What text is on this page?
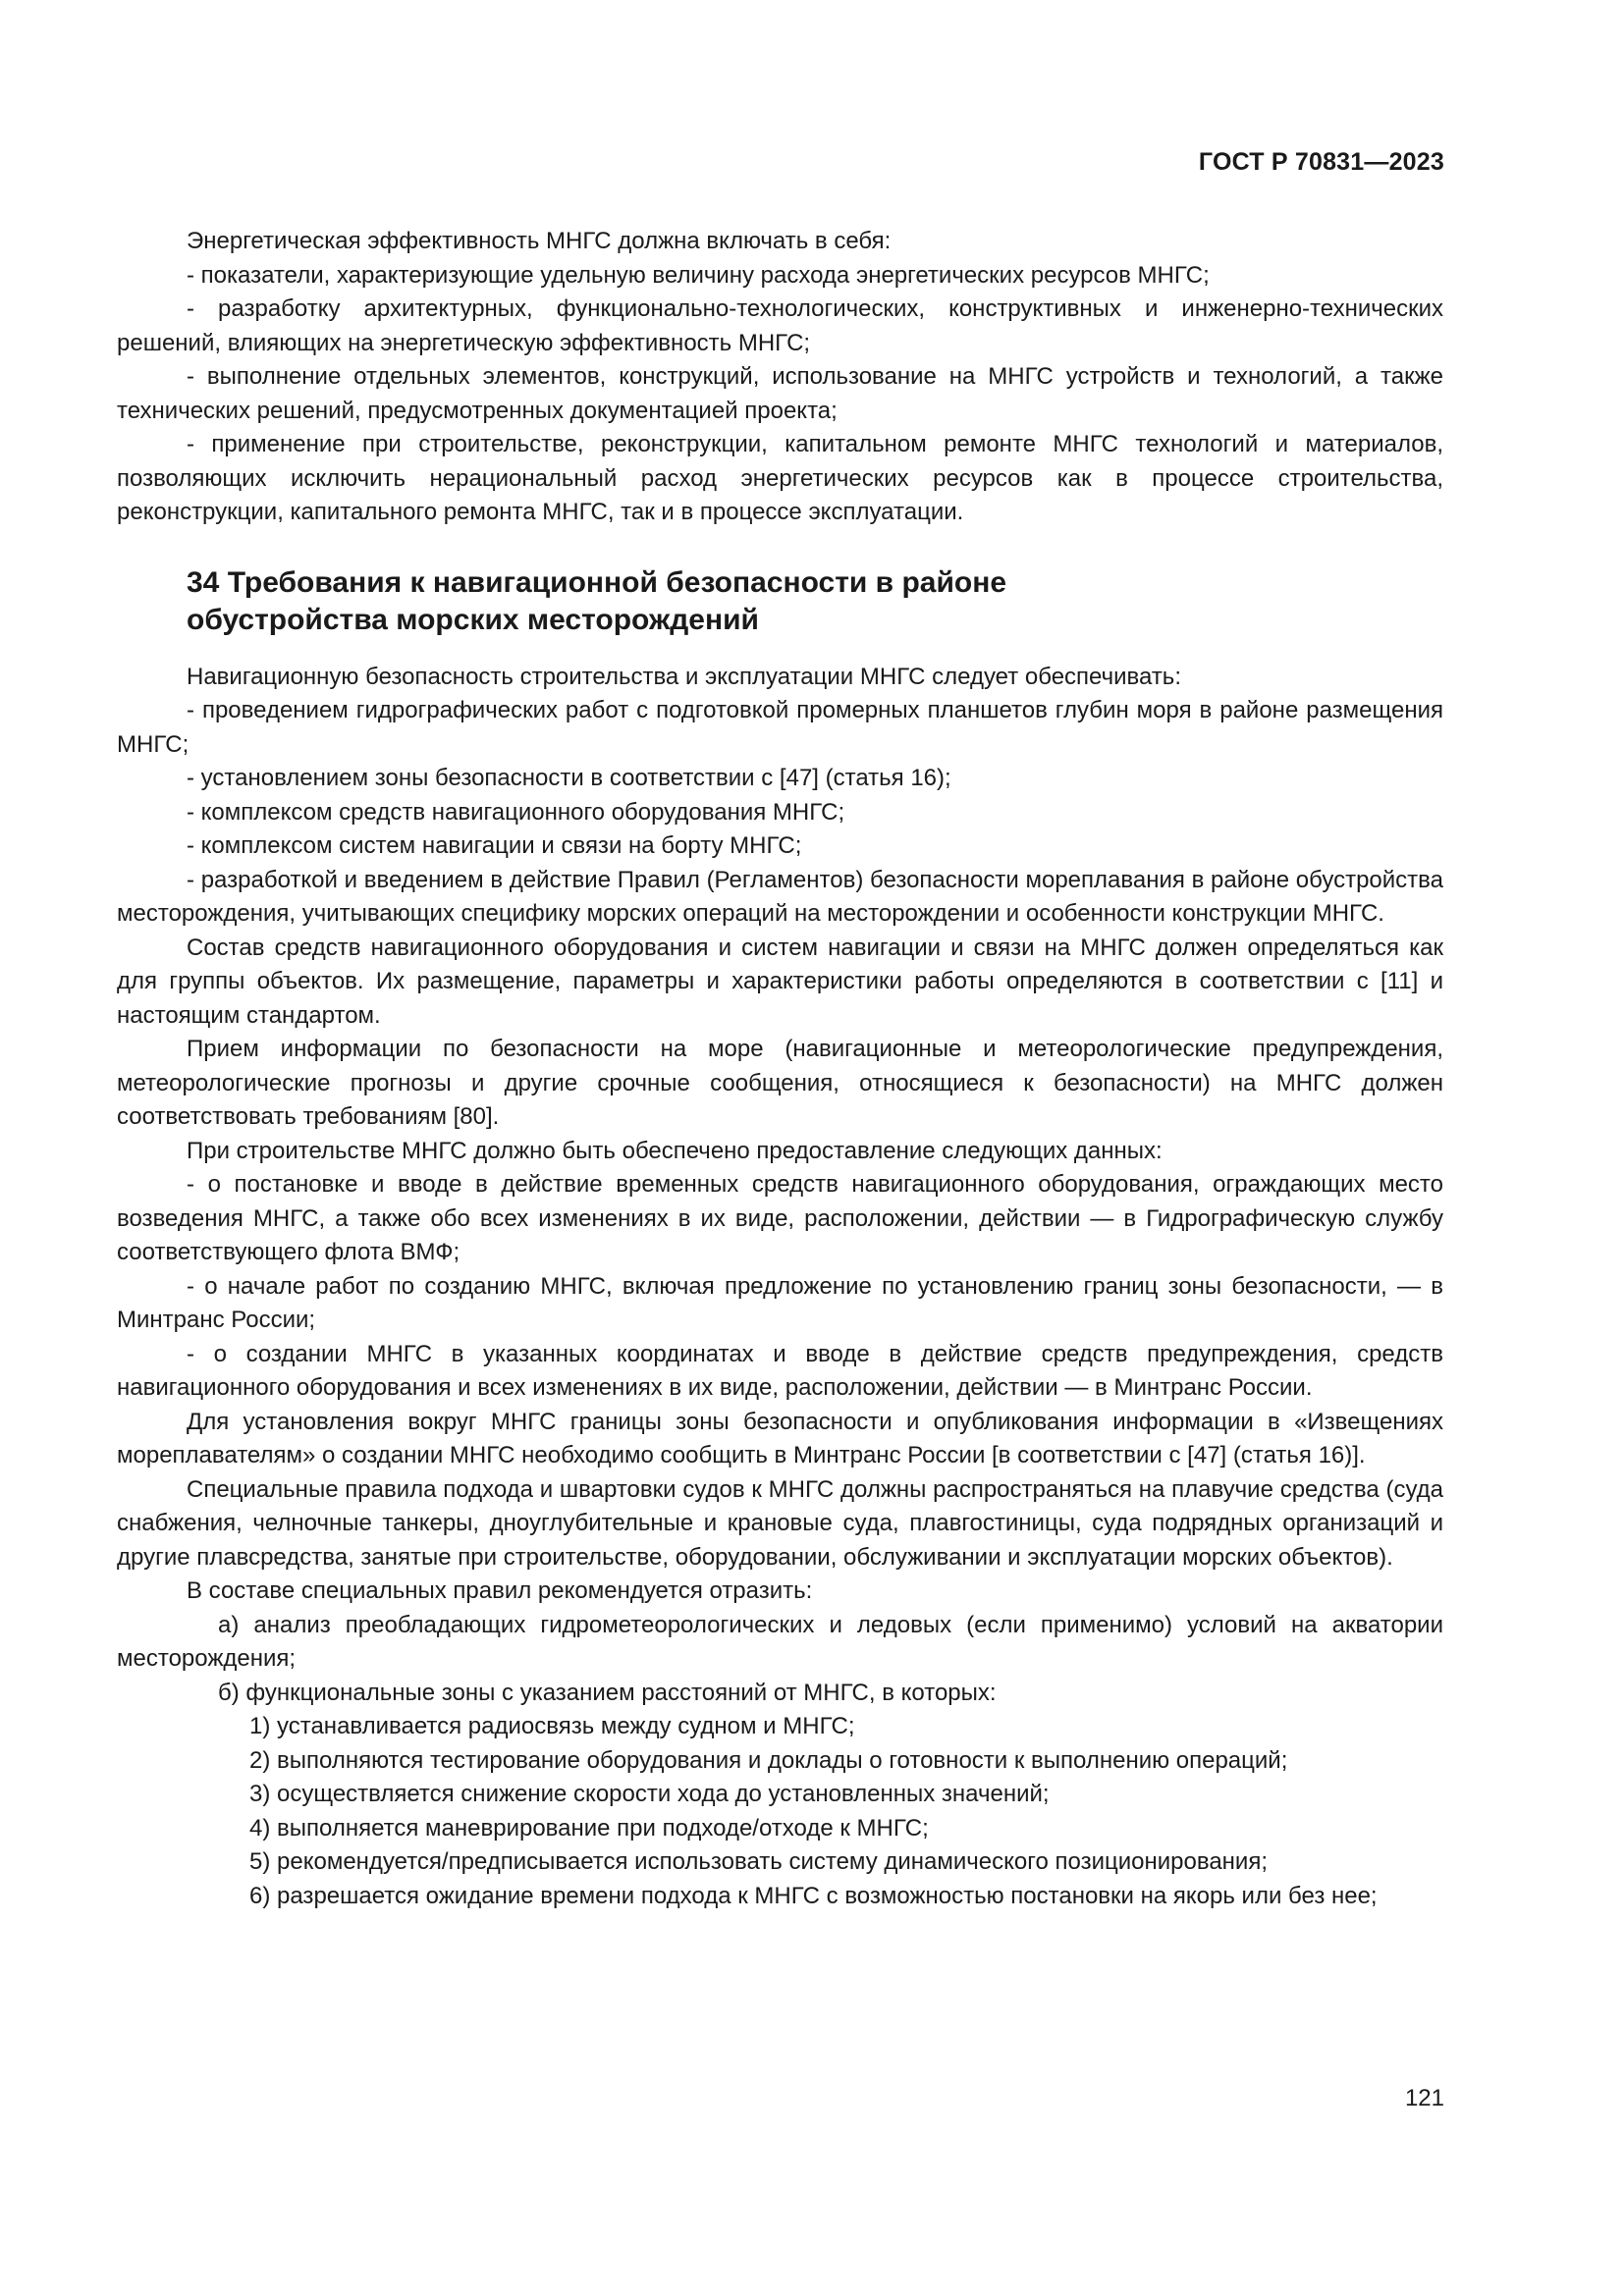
ГОСТ Р 70831—2023

Энергетическая эффективность МНГС должна включать в себя:

- показатели, характеризующие удельную величину расхода энергетических ресурсов МНГС;

- разработку архитектурных, функционально-технологических, конструктивных и инженерно-технических решений, влияющих на энергетическую эффективность МНГС;

- выполнение отдельных элементов, конструкций, использование на МНГС устройств и технологий, а также технических решений, предусмотренных документацией проекта;

- применение при строительстве, реконструкции, капитальном ремонте МНГС технологий и материалов, позволяющих исключить нерациональный расход энергетических ресурсов как в процессе строительства, реконструкции, капитального ремонта МНГС, так и в процессе эксплуатации.

34 Требования к навигационной безопасности в районе
обустройства морских месторождений

Навигационную безопасность строительства и эксплуатации МНГС следует обеспечивать:

- проведением гидрографических работ с подготовкой промерных планшетов глубин моря в районе размещения МНГС;

- установлением зоны безопасности в соответствии с [47] (статья 16);

- комплексом средств навигационного оборудования МНГС;

- комплексом систем навигации и связи на борту МНГС;

- разработкой и введением в действие Правил (Регламентов) безопасности мореплавания в районе обустройства месторождения, учитывающих специфику морских операций на месторождении и особенности конструкции МНГС.

Состав средств навигационного оборудования и систем навигации и связи на МНГС должен определяться как для группы объектов. Их размещение, параметры и характеристики работы определяются в соответствии с [11] и настоящим стандартом.

Прием информации по безопасности на море (навигационные и метеорологические предупреждения, метеорологические прогнозы и другие срочные сообщения, относящиеся к безопасности) на МНГС должен соответствовать требованиям [80].

При строительстве МНГС должно быть обеспечено предоставление следующих данных:

- о постановке и вводе в действие временных средств навигационного оборудования, ограждающих место возведения МНГС, а также обо всех изменениях в их виде, расположении, действии — в Гидрографическую службу соответствующего флота ВМФ;

- о начале работ по созданию МНГС, включая предложение по установлению границ зоны безопасности, — в Минтранс России;

- о создании МНГС в указанных координатах и вводе в действие средств предупреждения, средств навигационного оборудования и всех изменениях в их виде, расположении, действии — в Минтранс России.

Для установления вокруг МНГС границы зоны безопасности и опубликования информации в «Извещениях мореплавателям» о создании МНГС необходимо сообщить в Минтранс России [в соответствии с [47] (статья 16)].

Специальные правила подхода и швартовки судов к МНГС должны распространяться на плавучие средства (суда снабжения, челночные танкеры, дноуглубительные и крановые суда, плавгостиницы, суда подрядных организаций и другие плавсредства, занятые при строительстве, оборудовании, обслуживании и эксплуатации морских объектов).

В составе специальных правил рекомендуется отразить:

а) анализ преобладающих гидрометеорологических и ледовых (если применимо) условий на акватории месторождения;

б) функциональные зоны с указанием расстояний от МНГС, в которых:

1) устанавливается радиосвязь между судном и МНГС;

2) выполняются тестирование оборудования и доклады о готовности к выполнению операций;

3) осуществляется снижение скорости хода до установленных значений;

4) выполняется маневрирование при подходе/отходе к МНГС;

5) рекомендуется/предписывается использовать систему динамического позиционирования;

6) разрешается ожидание времени подхода к МНГС с возможностью постановки на якорь или без нее;

121
